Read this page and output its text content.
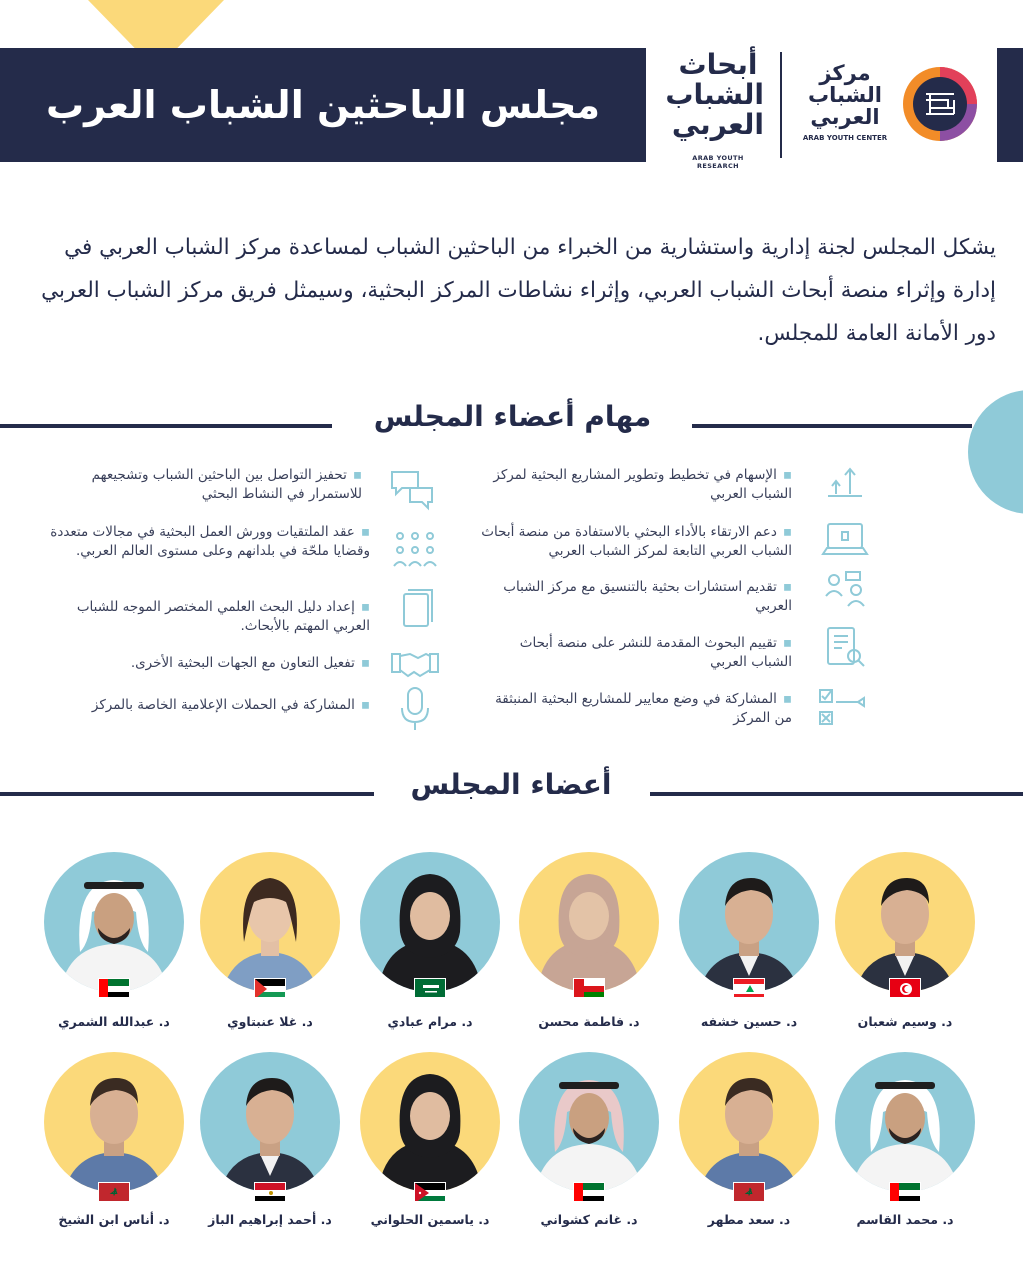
مجلس الباحثين الشباب العرب
أبحاث
الشباب
العربي
ARAB YOUTH RESEARCH
مركز
الشباب
العربي
ARAB YOUTH CENTER

يشكل المجلس لجنة إدارية واستشارية من الخبراء من الباحثين الشباب لمساعدة مركز الشباب العربي في إدارة وإثراء منصة أبحاث الشباب العربي، وإثراء نشاطات المركز البحثية، وسيمثل فريق مركز الشباب العربي دور الأمانة العامة للمجلس.

مهام أعضاء المجلس
▪الإسهام في تخطيط وتطوير المشاريع البحثية لمركز الشباب العربي
▪دعم الارتقاء بالأداء البحثي بالاستفادة من منصة أبحاث الشباب العربي التابعة لمركز الشباب العربي
▪تقديم استشارات بحثية بالتنسيق مع مركز الشباب العربي
▪تقييم البحوث المقدمة للنشر على منصة أبحاث الشباب العربي
▪المشاركة في وضع معايير للمشاريع البحثية المنبثقة من المركز
▪تحفيز التواصل بين الباحثين الشباب وتشجيعهم للاستمرار في النشاط البحثي
▪عقد الملتقيات وورش العمل البحثية في مجالات متعددة وقضايا ملحّة في بلدانهم وعلى مستوى العالم العربي.
▪إعداد دليل البحث العلمي المختصر الموجه للشباب العربي المهتم بالأبحاث.
▪تفعيل التعاون مع الجهات البحثية الأخرى.
▪المشاركة في الحملات الإعلامية الخاصة بالمركز
أعضاء المجلس
د. وسيم شعبان
د. حسين خشفه
د. فاطمة محسن
د. مرام عبادي
د. غلا عنبتاوي
د. عبدالله الشمري
د. محمد القاسم
د. سعد مطهر
د. غانم كشواني
د. ياسمين الحلواني
د. أحمد إبراهيم الباز
د. أناس ابن الشيخ
